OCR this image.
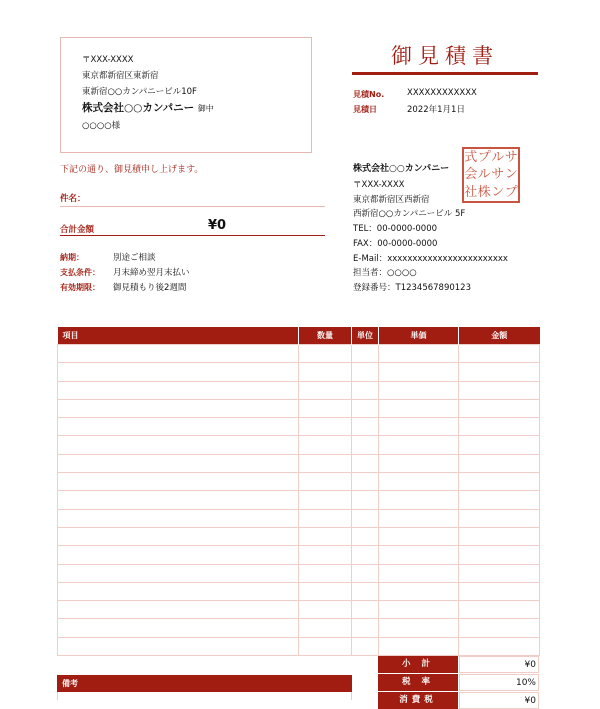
〒XXX-XXXX
東京都新宿区東新宿
東新宿○○カンパニービル10F
株式会社○○カンパニー 御中
○○○○様
御見積書
見積No.	XXXXXXXXXXXX
見積日	2022年1月1日
下記の通り、御見積申し上げます。
件名：
合計金額	¥0
納期：	別途ご相談
支払条件： 月末締め翌月末払い
有効期限： 御見積もり後2週間
株式会社○○カンパニー
〒XXX-XXXX
東京都新宿区西新宿
西新宿○○カンパニービル 5F
TEL：00-0000-0000
FAX：00-0000-0000
E-Mail：xxxxxxxxxxxxxxxxxxxxxxxx
担当者：○○○○
登録番号：T1234567890123
サ
ン
プ
ル
サ
ン
プ
ル
株
式
会
社
項目	数量	単位	単価	金額

備考
小 計	¥0
税 率	10%
消費税	¥0
